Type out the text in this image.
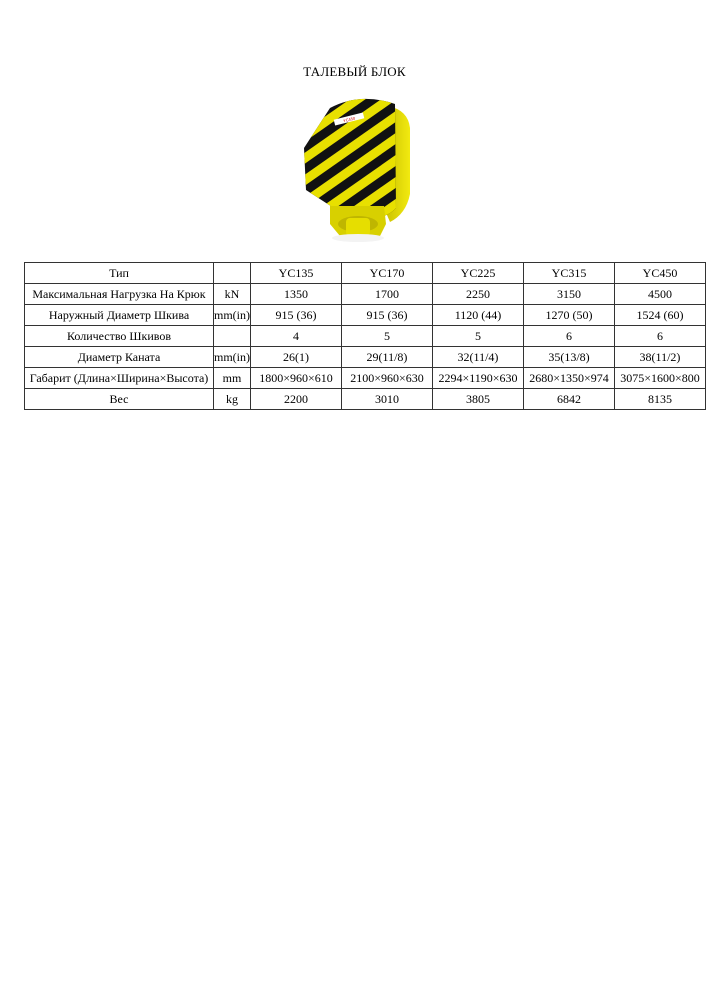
ТАЛЕВЫЙ БЛОК
YC450
Тип		YC135	YC170	YC225	YC315	YC450
Максимальная Нагрузка На Крюк	kN	1350	1700	2250	3150	4500
Наружный Диаметр Шкива	mm(in)	915 (36)	915 (36)	1120 (44)	1270 (50)	1524 (60)
Количество Шкивов		4	5	5	6	6
Диаметр Каната	mm(in)	26(1)	29(11/8)	32(11/4)	35(13/8)	38(11/2)
Габарит (Длина×Ширина×Высота)	mm	1800×960×610	2100×960×630	2294×1190×630	2680×1350×974	3075×1600×800
Вес	kg	2200	3010	3805	6842	8135
